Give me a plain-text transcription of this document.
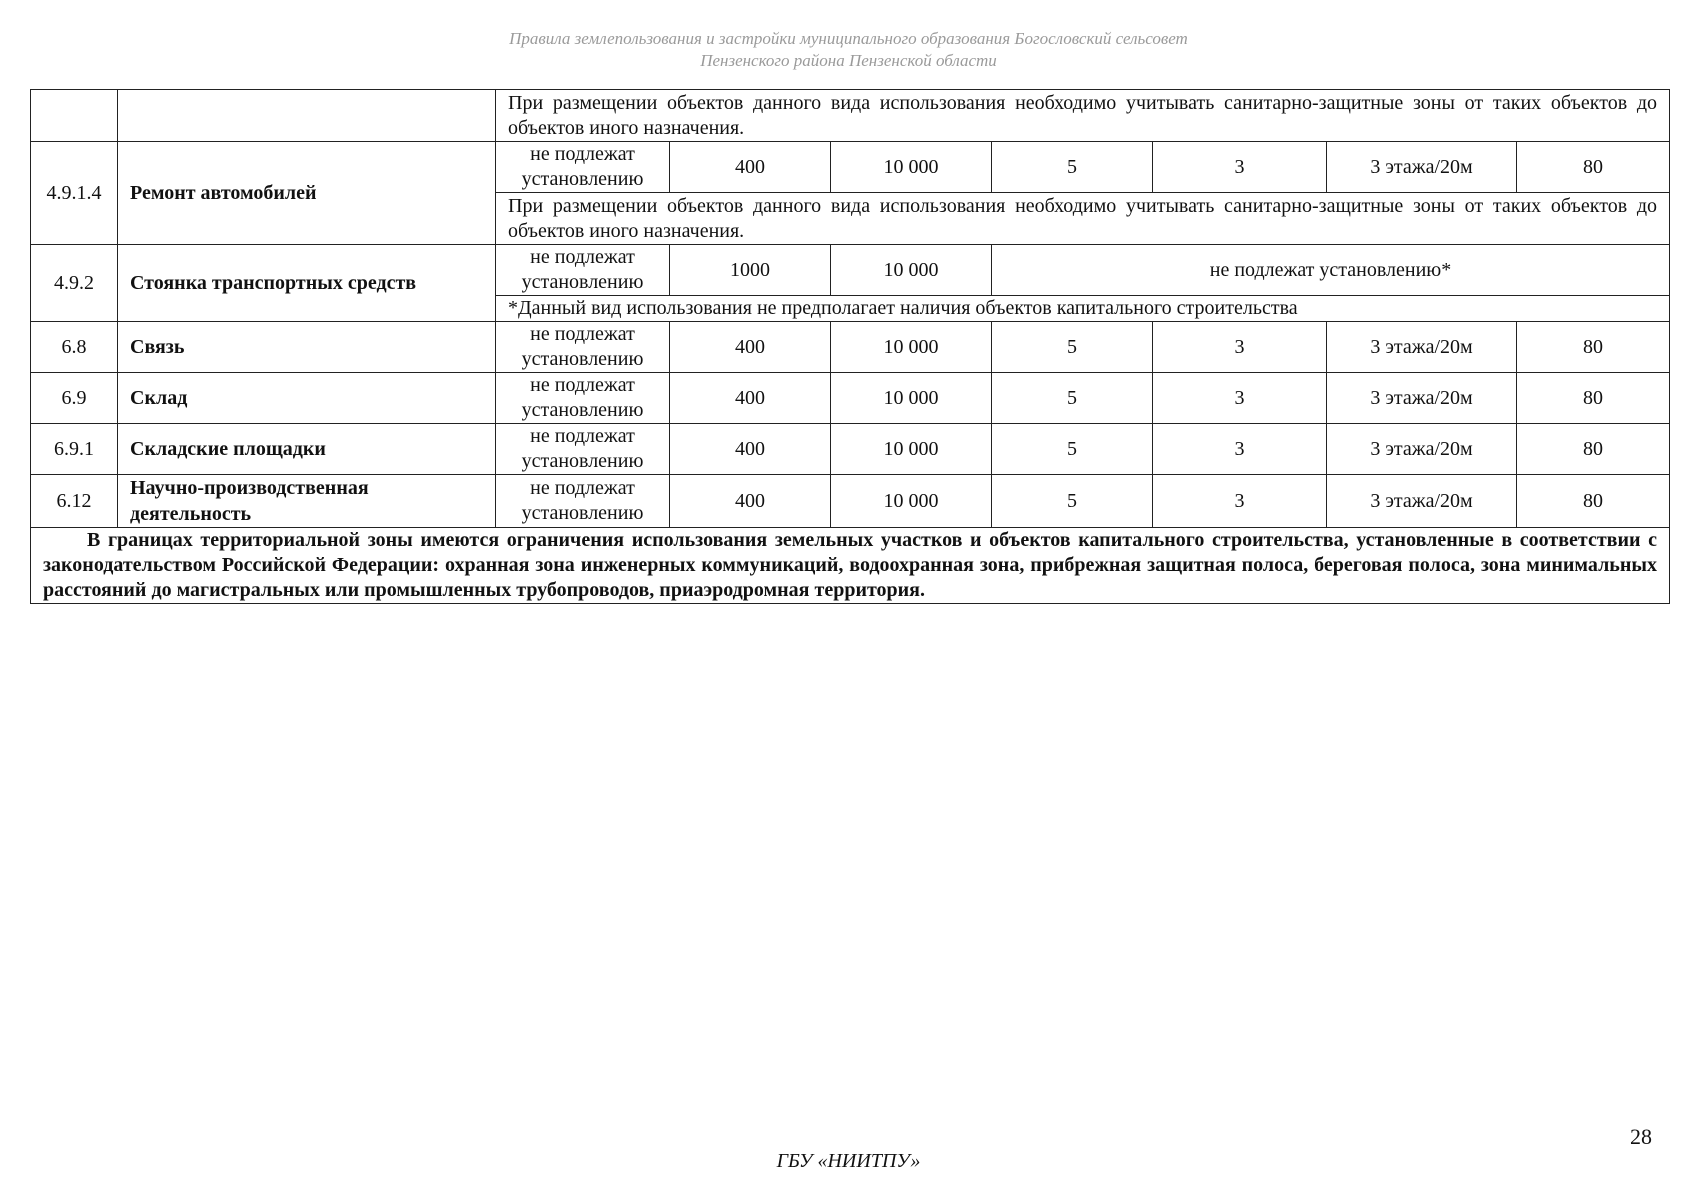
Правила землепользования и застройки муниципального образования Богословский сельсовет
Пензенского района Пензенской области
		При размещении объектов данного вида использования необходимо учитывать санитарно-защитные зоны от таких объектов до объектов иного назначения.						
4.9.1.4	Ремонт автомобилей	не подлежат установлению	400	10 000	5	3	3 этажа/20м	80
		При размещении объектов данного вида использования необходимо учитывать санитарно-защитные зоны от таких объектов до объектов иного назначения.						
4.9.2	Стоянка транспортных средств	не подлежат установлению	1000	10 000	не подлежат установлению*			
		*Данный вид использования не предполагает наличия объектов капитального строительства						
6.8	Связь	не подлежат установлению	400	10 000	5	3	3 этажа/20м	80
6.9	Склад	не подлежат установлению	400	10 000	5	3	3 этажа/20м	80
6.9.1	Складские площадки	не подлежат установлению	400	10 000	5	3	3 этажа/20м	80
6.12	Научно-производственная деятельность	не подлежат установлению	400	10 000	5	3	3 этажа/20м	80
В границах территориальной зоны имеются ограничения использования земельных участков и объектов капитального строительства, установленные в соответствии с законодательством Российской Федерации: охранная зона инженерных коммуникаций, водоохранная зона, прибрежная защитная полоса, береговая полоса, зона минимальных расстояний до магистральных или промышленных трубопроводов, приаэродромная территория.								
28
ГБУ «НИИТПУ»
